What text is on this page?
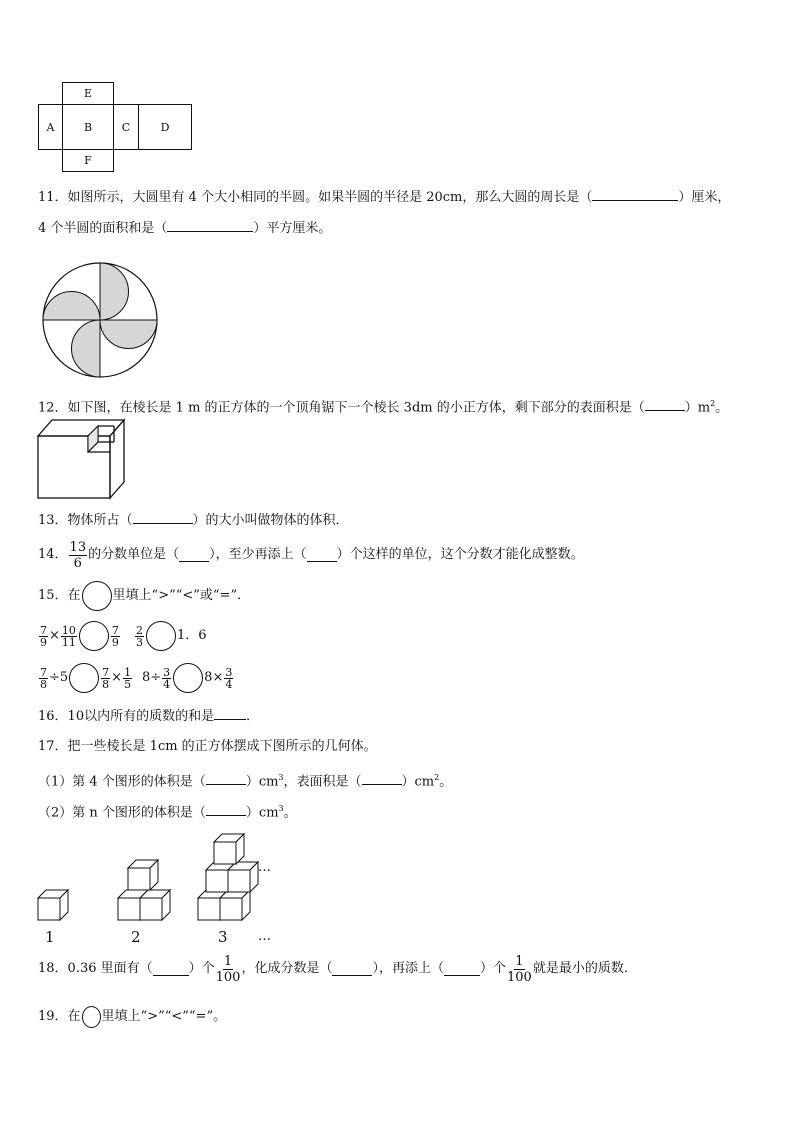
E
A	B	C	D
F
11．如图所示，大圆里有 4 个大小相同的半圆。如果半圆的半径是 20cm，那么大圆的周长是（	）厘米，
4 个半圆的面积和是（	）平方厘米。
12．如下图，在棱长是 1 m 的正方体的一个顶角锯下一个棱长 3dm 的小正方体，剩下部分的表面积是（	）$m^2$。
13．物体所占（	）的大小叫做物体的体积．
14． $\frac{13}{6}$ 的分数单位是（ ），至少再添上（ ）个这样的单位，这个分数才能化成整数。
15．在 里填上“>”“<”或“=”．
$\frac{7}{9} \times \frac{10}{11}$	$\frac{7}{9} \frac{2}{3}$	1．6
$\frac{7}{8} \div 5$	$\frac{7}{8} \times \frac{1}{5} 8\div \frac{3}{4}$	$8\times \frac{3}{4}$
16．10以内所有的质数的和是 ．
17．把一些棱长是 1cm 的正方体摆成下图所示的几何体。
（1）第 4 个图形的体积是（	）$cm^3$，表面积是（	）$cm^2$。
（2）第 n 个图形的体积是（	）$cm^3$。
1	2	3
…
…
18．0.36 里面有（	）个 $\frac{1}{100}$ ，化成分数是（	），再添上（	）个 $\frac{1}{100}$ 就是最小的质数．
19．在 里填上“>”“<”“=”。
